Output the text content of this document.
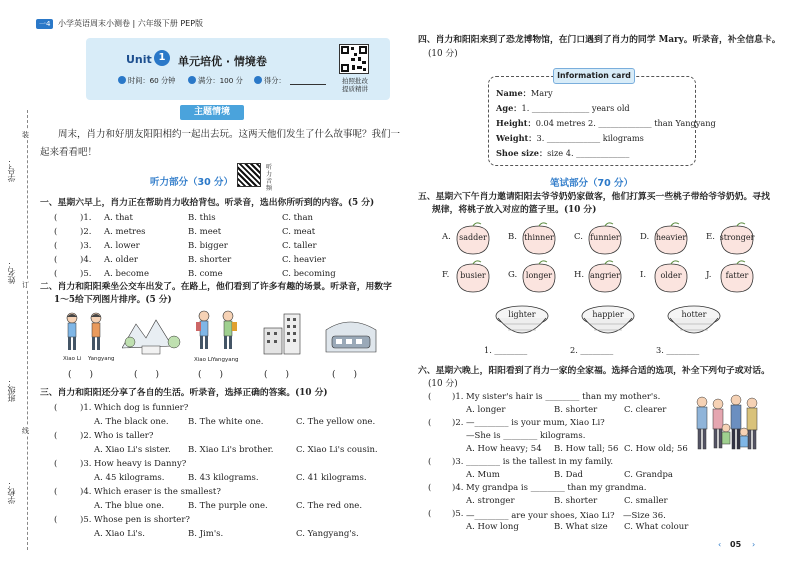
一4 小学英语周末小测卷 | 六年级下册 PEP版
Unit 1	单元培优 · 情境卷
时间：60 分钟	满分：100 分	得分：	拍照批改
提质精讲
学号：
姓名：
班级：
学校：
装
订
线
主题情境
周末，肖力和好朋友阳阳相约一起出去玩。这两天他们发生了什么故事呢？我们一起来看看吧！
听力部分（30 分）
听力音频
一、星期六早上，肖力正在帮助肖力收拾背包。听录音，选出你所听到的内容。(5 分)
(	)1. A. that	B. this	C. than
(	)2. A. metres	B. meet	C. meat
(	)3. A. lower	B. bigger	C. taller
(	)4. A. older	B. shorter	C. heavier
(	)5. A. become	B. come	C. becoming
二、肖力和阳阳乘坐公交车出发了。在路上，他们看到了许多有趣的场景。听录音，用数字
1～5给下列图片排序。(5 分)
Xiao Li Yangyang	Xiao Li Yangyang
(　　)	(　　)	(　　)	(　　)	(　　)
三、肖力和阳阳还分享了各自的生活。听录音，选择正确的答案。(10 分)
(	)1. Which dog is funnier?
A. The black one. B. The white one.	C. The yellow one.
(	)2. Who is taller?
A. Xiao Li's sister. B. Xiao Li's brother.	C. Xiao Li's cousin.
(	)3. How heavy is Danny?
A. 45 kilograms.	B. 43 kilograms.	C. 41 kilograms.
(	)4. Which eraser is the smallest?
A. The blue one.	B. The purple one.	C. The red one.
(	)5. Whose pen is shorter?
A. Xiao Li's.	B. Jim's.	C. Yangyang's.
四、肖力和阳阳来到了恐龙博物馆，在门口遇到了肖力的同学 Mary。听录音，补全信息卡。
(10 分)
Information card
Name：Mary
Age：1. ______________ years old
Height：0.04 metres 2. _____________ than Yangyang
Weight：3. _____________ kilograms
Shoe size：size 4. _____________
笔试部分（70 分）
五、星期六下午肖力邀请阳阳去爷爷奶奶家做客，他们打算买一些桃子带给爷爷奶奶。寻找
规律，将桃子放入对应的篮子里。(10 分)
A.	sadder	B. thinner	C. funnier	D. heavier	E. stronger
F.	busier	G.	longer	H. angrier	I.	older	J.	fatter
lighter	happier	hotter
1. ________	2. ________	3. ________
六、星期六晚上，阳阳看到了肖力一家的全家福。选择合适的选项，补全下列句子或对话。
(10 分)
( )1. My sister's hair is ________ than my mother's.
A. longer	B. shorter	C. clearer
( )2. —________ is your mum, Xiao Li?
—She is ________ kilograms.
A. How heavy; 54 B. How tall; 56 C. How old; 56
( )3. ________ is the tallest in my family.
A. Mum	B. Dad	C. Grandpa
( )4. My grandpa is ________ than my grandma.
A. stronger	B. shorter	C. smaller
( )5. —________ are your shoes, Xiao Li?　—Size 36.
A. How long	B. What size C. What colour
‹ 05 ›
